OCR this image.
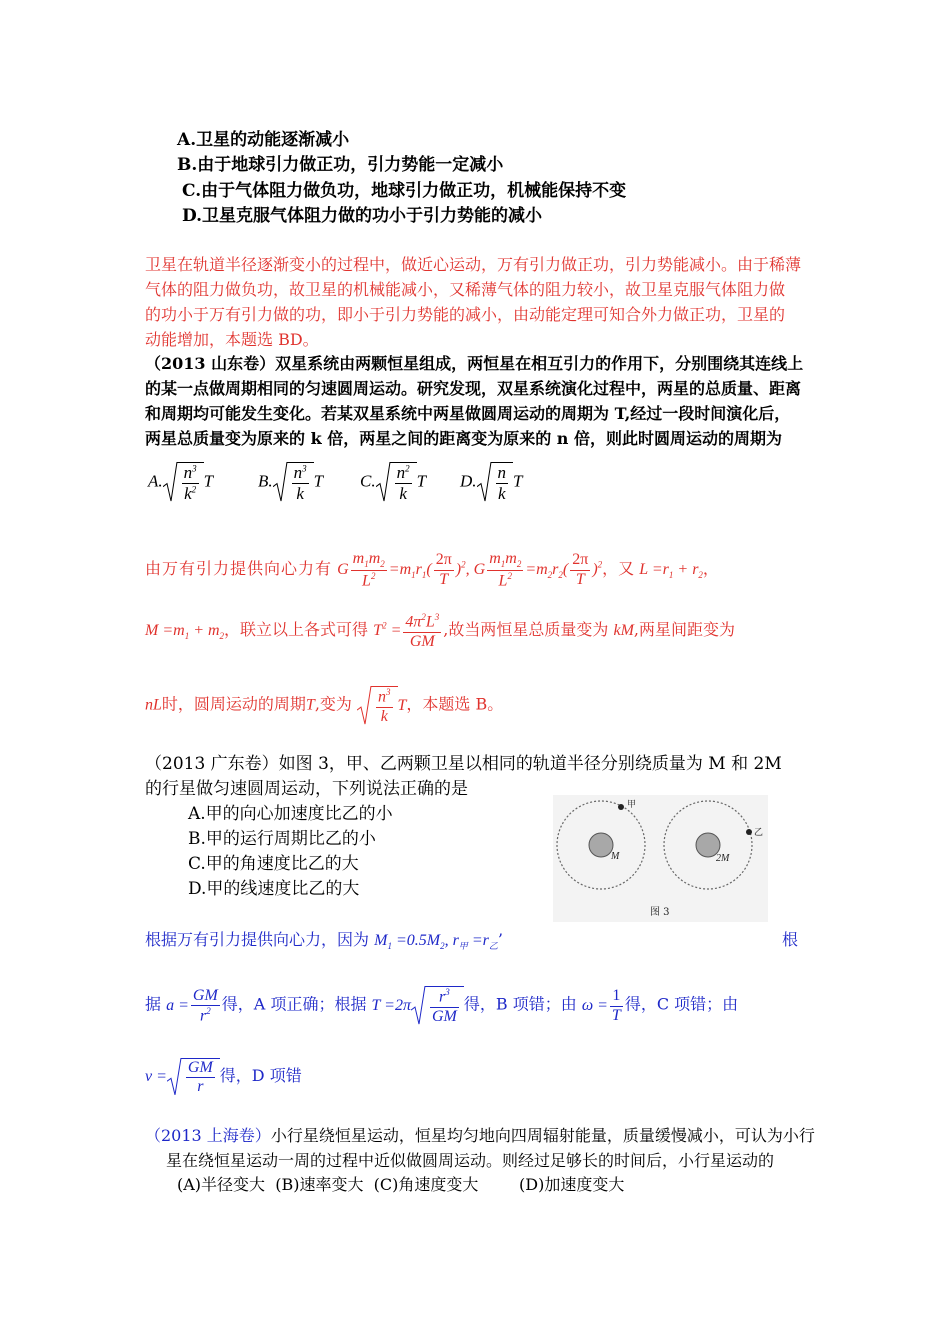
A.卫星的动能逐渐减小
B.由于地球引力做正功，引力势能一定减小
C.由于气体阻力做负功，地球引力做正功，机械能保持不变
D.卫星克服气体阻力做的功小于引力势能的减小
卫星在轨道半径逐渐变小的过程中，做近心运动，万有引力做正功，引力势能减小。由于稀薄
气体的阻力做负功，故卫星的机械能减小，又稀薄气体的阻力较小，故卫星克服气体阻力做
的功小于万有引力做的功，即小于引力势能的减小，由动能定理可知合外力做正功，卫星的
动能增加，本题选 BD。
（2013 山东卷）双星系统由两颗恒星组成，两恒星在相互引力的作用下，分别围绕其连线上
的某一点做周期相同的匀速圆周运动。研究发现，双星系统演化过程中，两星的总质量、距离
和周期均可能发生变化。若某双星系统中两星做圆周运动的周期为 T,经过一段时间演化后，
两星总质量变为原来的 k 倍，两星之间的距离变为原来的 n 倍，则此时圆周运动的周期为
A. $\frac{n^3}{k^2}$ T	B. $\frac{n^3}{k}$ T C. $\frac{n^2}{k}$ T D. $\frac{n}{k}$ T
由万有引力提供向心力有 G $\frac{m_1m_2}{L^2} =m_1r_1( \frac{2\pi}{T} )^2$, G $\frac{m_1m_2}{L^2} =m_2r_2( \frac{2\pi}{T} )^2$，又 $L =r_1 + r_2$，
$M =m_1 + m_2$，联立以上各式可得 $T^2 = \frac{4\pi^2L^3}{GM}$ ,故当两恒星总质量变为 kM,两星间距变为
nL时，圆周运动的周期T,变为 $\frac{n^3}{k}$ T，本题选 B。
（2013 广东卷）如图 3，甲、乙两颗卫星以相同的轨道半径分别绕质量为 M 和 2M
的行星做匀速圆周运动，下列说法正确的是
A.甲的向心加速度比乙的小
B.甲的运行周期比乙的小
C.甲的角速度比乙的大
D.甲的线速度比乙的大
M
甲
2M
乙
图 3
根据万有引力提供向心力，因为 $M_1 =0.5M_2$, $r_甲 =r_乙$’	根
据 $a = \frac{GM}{r^2}$ 得，A 项正确；根据 $T =2\pi \frac{r^3}{GM}$ 得，B 项错；由 $\omega = \frac{1}{T}$ 得，C 项错；由
$v = \frac{GM}{r}$ 得，D 项错
（2013 上海卷）小行星绕恒星运动，恒星均匀地向四周辐射能量，质量缓慢减小，可认为小行
星在绕恒星运动一周的过程中近似做圆周运动。则经过足够长的时间后，小行星运动的
(A)半径变大  (B)速率变大  (C)角速度变大        (D)加速度变大
